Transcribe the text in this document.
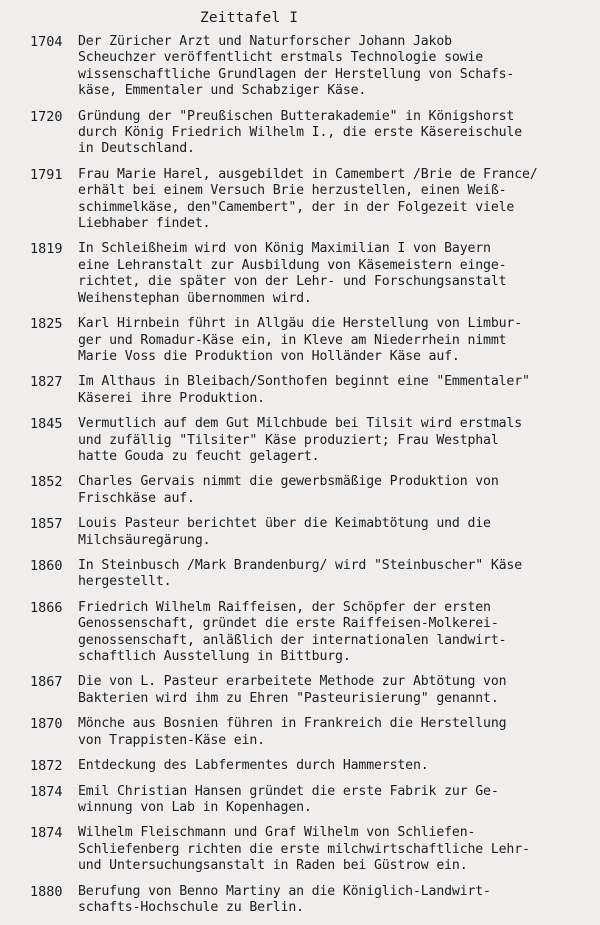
Zeittafel I
1704	Der Züricher Arzt und Naturforscher Johann Jakob
Scheuchzer veröffentlicht erstmals Technologie sowie
wissenschaftliche Grundlagen der Herstellung von Schafs-
käse, Emmentaler und Schabziger Käse.
1720	Gründung der "Preußischen Butterakademie" in Königshorst
durch König Friedrich Wilhelm I., die erste Käsereischule
in Deutschland.
1791	Frau Marie Harel, ausgebildet in Camembert /Brie de France/
erhält bei einem Versuch Brie herzustellen, einen Weiß-
schimmelkäse, den"Camembert", der in der Folgezeit viele
Liebhaber findet.
1819	In Schleißheim wird von König Maximilian I von Bayern
eine Lehranstalt zur Ausbildung von Käsemeistern einge-
richtet, die später von der Lehr- und Forschungsanstalt
Weihenstephan übernommen wird.
1825	Karl Hirnbein führt in Allgäu die Herstellung von Limbur-
ger und Romadur-Käse ein, in Kleve am Niederrhein nimmt
Marie Voss die Produktion von Holländer Käse auf.
1827	Im Althaus in Bleibach/Sonthofen beginnt eine "Emmentaler"
Käserei ihre Produktion.
1845	Vermutlich auf dem Gut Milchbude bei Tilsit wird erstmals
und zufällig "Tilsiter" Käse produziert; Frau Westphal
hatte Gouda zu feucht gelagert.
1852	Charles Gervais nimmt die gewerbsmäßige Produktion von
Frischkäse auf.
1857	Louis Pasteur berichtet über die Keimabtötung und die
Milchsäuregärung.
1860	In Steinbusch /Mark Brandenburg/ wird "Steinbuscher" Käse
hergestellt.
1866	Friedrich Wilhelm Raiffeisen, der Schöpfer der ersten
Genossenschaft, gründet die erste Raiffeisen-Molkerei-
genossenschaft, anläßlich der internationalen landwirt-
schaftlich Ausstellung in Bittburg.
1867	Die von L. Pasteur erarbeitete Methode zur Abtötung von
Bakterien wird ihm zu Ehren "Pasteurisierung" genannt.
1870	Mönche aus Bosnien führen in Frankreich die Herstellung
von Trappisten-Käse ein.
1872	Entdeckung des Labfermentes durch Hammersten.
1874	Emil Christian Hansen gründet die erste Fabrik zur Ge-
winnung von Lab in Kopenhagen.
1874	Wilhelm Fleischmann und Graf Wilhelm von Schliefen-
Schliefenberg richten die erste milchwirtschaftliche Lehr-
und Untersuchungsanstalt in Raden bei Güstrow ein.
1880	Berufung von Benno Martiny an die Königlich-Landwirt-
schafts-Hochschule zu Berlin.
